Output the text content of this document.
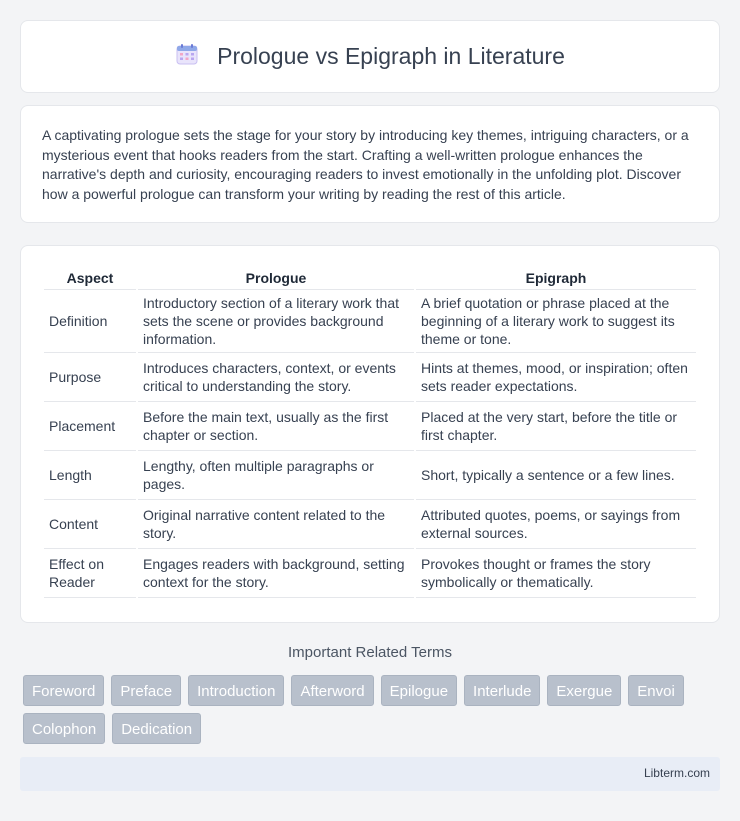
Prologue vs Epigraph in Literature

A captivating prologue sets the stage for your story by introducing key themes, intriguing characters, or a mysterious event that hooks readers from the start. Crafting a well-written prologue enhances the narrative's depth and curiosity, encouraging readers to invest emotionally in the unfolding plot. Discover how a powerful prologue can transform your writing by reading the rest of this article.

Aspect	Prologue	Epigraph
Definition	Introductory section of a literary work that sets the scene or provides background information.	A brief quotation or phrase placed at the beginning of a literary work to suggest its theme or tone.
Purpose	Introduces characters, context, or events critical to understanding the story.	Hints at themes, mood, or inspiration; often sets reader expectations.
Placement	Before the main text, usually as the first chapter or section.	Placed at the very start, before the title or first chapter.
Length	Lengthy, often multiple paragraphs or pages.	Short, typically a sentence or a few lines.
Content	Original narrative content related to the story.	Attributed quotes, poems, or sayings from external sources.
Effect on Reader	Engages readers with background, setting context for the story.	Provokes thought or frames the story symbolically or thematically.
Important Related Terms
Foreword	Preface	Introduction	Afterword	Epilogue	Interlude	Exergue	Envoi
Colophon	Dedication
Libterm.com
